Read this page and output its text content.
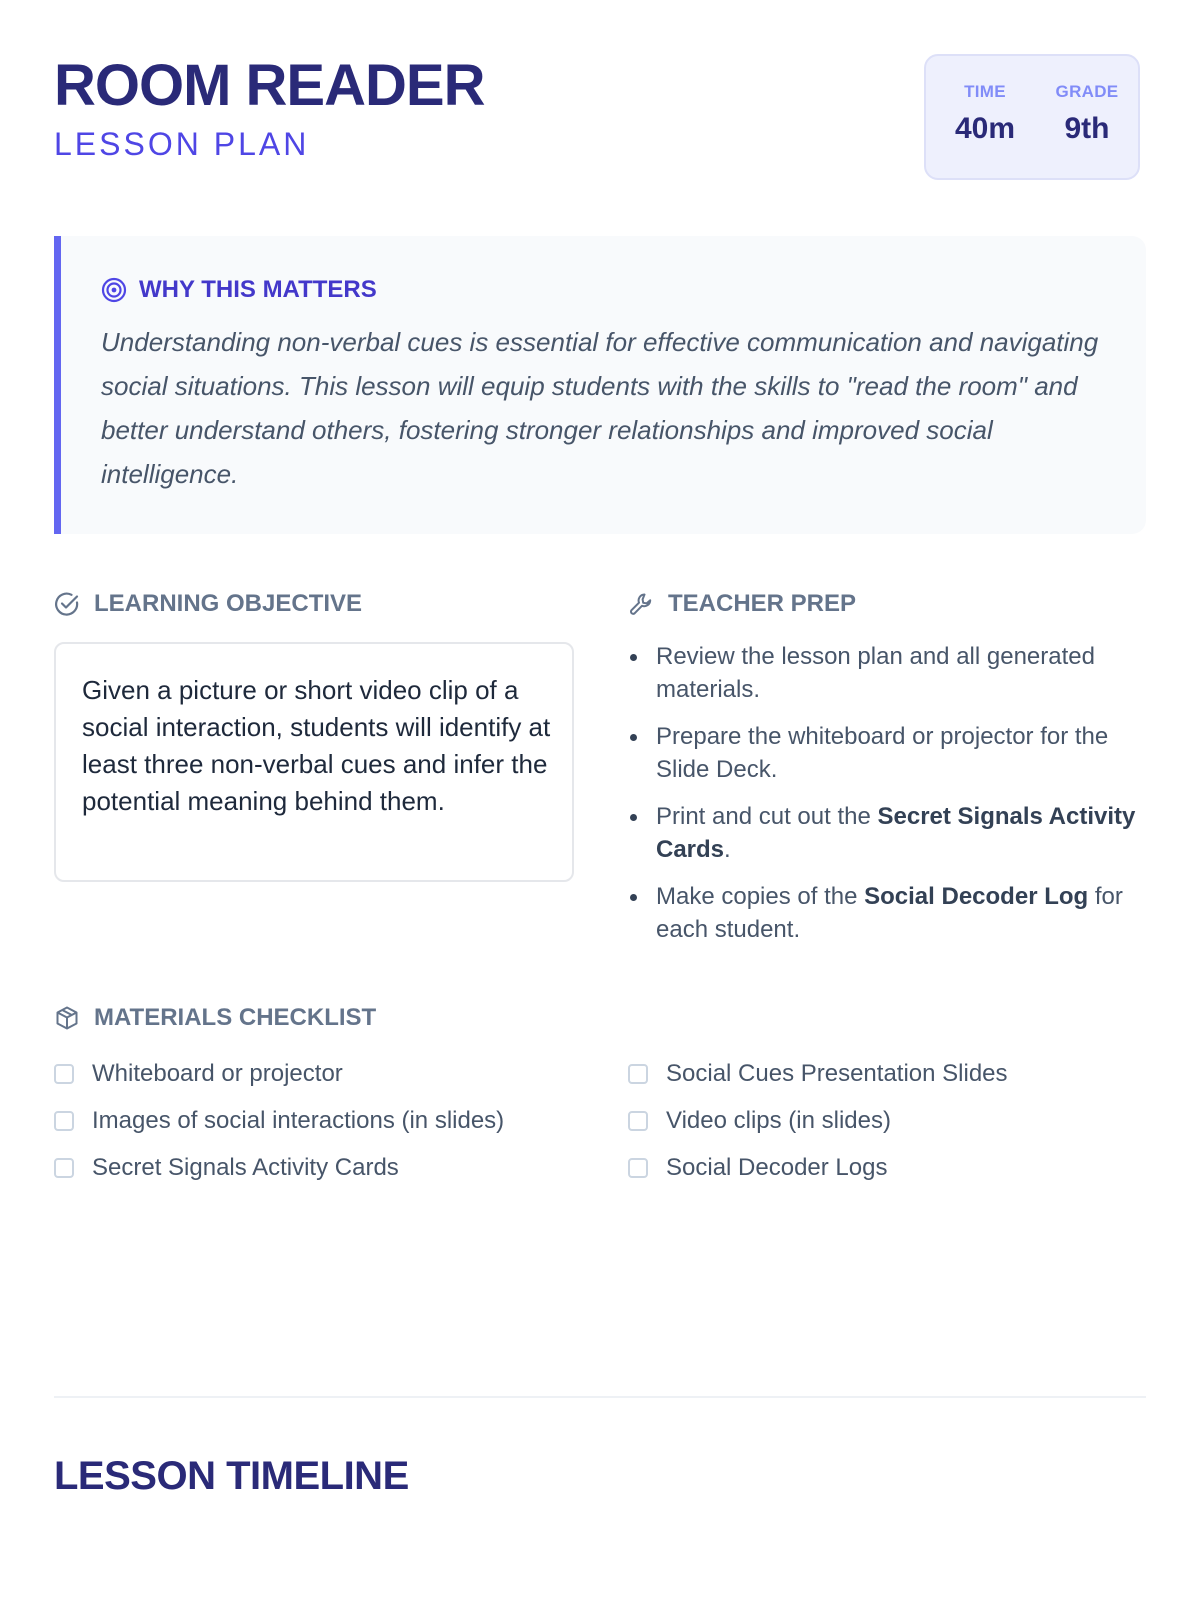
ROOM READER
LESSON PLAN
TIME
40m
GRADE
9th
WHY THIS MATTERS

Understanding non-verbal cues is essential for effective communication and navigating social situations. This lesson will equip students with the skills to "read the room" and better understand others, fostering stronger relationships and improved social intelligence.

LEARNING OBJECTIVE

Given a picture or short video clip of a social interaction, students will identify at least three non-verbal cues and infer the potential meaning behind them.

TEACHER PREP
Review the lesson plan and all generated materials.
Prepare the whiteboard or projector for the Slide Deck.
Print and cut out the Secret Signals Activity Cards.
Make copies of the Social Decoder Log for each student.
MATERIALS CHECKLIST
Whiteboard or projector	Social Cues Presentation Slides
Images of social interactions (in slides)	Video clips (in slides)
Secret Signals Activity Cards	Social Decoder Logs
LESSON TIMELINE
